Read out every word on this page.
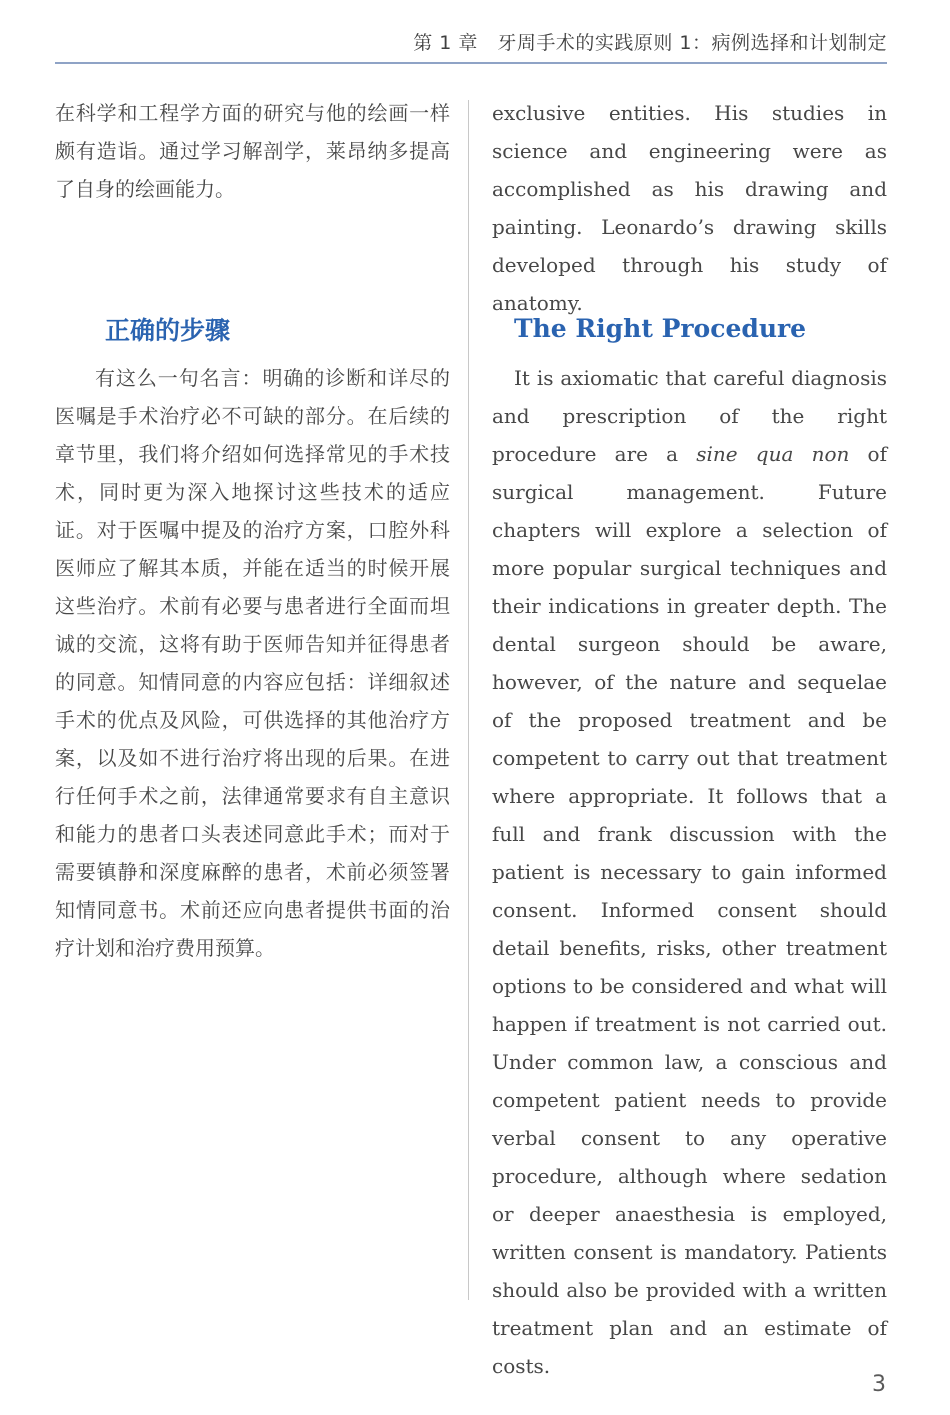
第 1 章　牙周手术的实践原则 1：病例选择和计划制定

在科学和工程学方面的研究与他的绘画一样颇有造诣。通过学习解剖学，莱昂纳多提高了自身的绘画能力。

exclusive entities. His studies in science and engineering were as accomplished as his drawing and painting. Leonardo’s drawing skills developed through his study of anatomy.

正确的步骤	The Right Procedure

有这么一句名言：明确的诊断和详尽的医嘱是手术治疗必不可缺的部分。在后续的章节里，我们将介绍如何选择常见的手术技术，同时更为深入地探讨这些技术的适应证。对于医嘱中提及的治疗方案，口腔外科医师应了解其本质，并能在适当的时候开展这些治疗。术前有必要与患者进行全面而坦诚的交流，这将有助于医师告知并征得患者的同意。知情同意的内容应包括：详细叙述手术的优点及风险，可供选择的其他治疗方案，以及如不进行治疗将出现的后果。在进行任何手术之前，法律通常要求有自主意识和能力的患者口头表述同意此手术；而对于需要镇静和深度麻醉的患者，术前必须签署知情同意书。术前还应向患者提供书面的治疗计划和治疗费用预算。

It is axiomatic that careful diagnosis and prescription of the right procedure are a sine qua non of surgical management. Future chapters will explore a selection of more popular surgical techniques and their indications in greater depth. The dental surgeon should be aware, however, of the nature and sequelae of the proposed treatment and be competent to carry out that treatment where appropriate. It follows that a full and frank discussion with the patient is necessary to gain informed consent. Informed consent should detail benefits, risks, other treatment options to be considered and what will happen if treatment is not carried out. Under common law, a conscious and competent patient needs to provide verbal consent to any operative procedure, although where sedation or deeper anaesthesia is employed, written consent is mandatory. Patients should also be provided with a written treatment plan and an estimate of costs.

3
